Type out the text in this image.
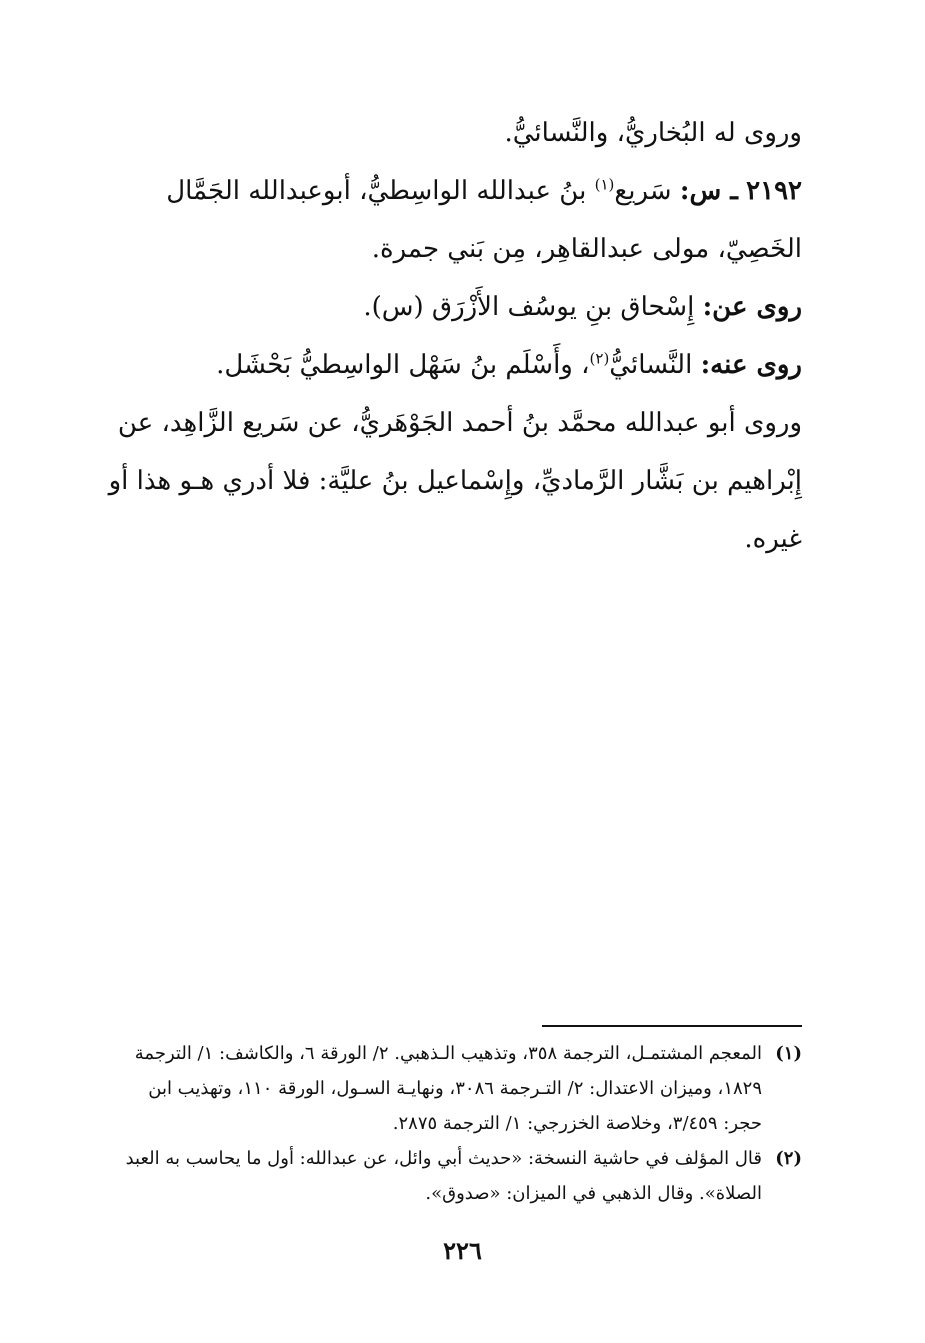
وروى له البُخاريُّ، والنَّسائيُّ.

٢١٩٢ ـ س: سَريع$^{(١)}$ بنُ عبدالله الواسِطيُّ، أبوعبدالله الجَمَّال الخَصِيّ، مولى عبدالقاهِر، مِن بَني جمرة.

روى عن: إِسْحاق بنِ يوسُف الأَزْرَق (س).

روى عنه: النَّسائيُّ$^{(٢)}$، وأَسْلَم بنُ سَهْل الواسِطيُّ بَحْشَل.

وروى أبو عبدالله محمَّد بنُ أحمد الجَوْهَريُّ، عن سَريع الزَّاهِد، عن إِبْراهيم بن بَشَّار الرَّماديِّ، وإِسْماعيل بنُ عليَّة: فلا أدري هـو هذا أو غيره.

(١)
المعجم المشتمـل، الترجمة ٣٥٨، وتذهيب الـذهبي. ٢/ الورقة ٦، والكاشف: ١/ الترجمة ١٨٢٩، وميزان الاعتدال: ٢/ التـرجمة ٣٠٨٦، ونهايـة السـول، الورقة ١١٠، وتهذيب ابن حجر: ٣/٤٥٩، وخلاصة الخزرجي: ١/ الترجمة ٢٨٧٥.
(٢)
قال المؤلف في حاشية النسخة: «حديث أبي وائل، عن عبدالله: أول ما يحاسب به العبد الصلاة». وقال الذهبي في الميزان: «صدوق».
٢٢٦
